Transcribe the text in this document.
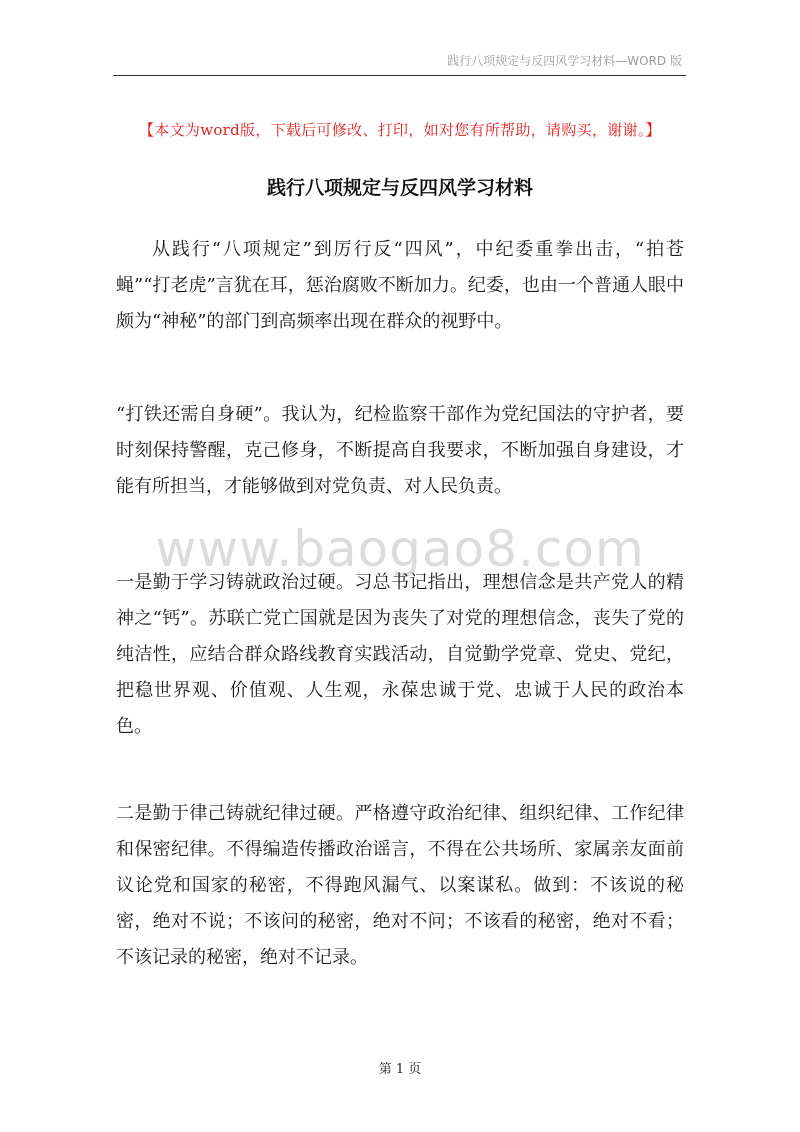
践行八项规定与反四风学习材料—WORD 版
【本文为word版，下载后可修改、打印，如对您有所帮助，请购买，谢谢。】
践行八项规定与反四风学习材料

从践行“八项规定”到厉行反“四风”，中纪委重拳出击，“拍苍蝇”“打老虎”言犹在耳，惩治腐败不断加力。纪委，也由一个普通人眼中颇为“神秘”的部门到高频率出现在群众的视野中。

“打铁还需自身硬”。我认为，纪检监察干部作为党纪国法的守护者，要时刻保持警醒，克己修身，不断提高自我要求，不断加强自身建设，才能有所担当，才能够做到对党负责、对人民负责。

www.baogao8.com

一是勤于学习铸就政治过硬。习总书记指出，理想信念是共产党人的精神之“钙”。苏联亡党亡国就是因为丧失了对党的理想信念，丧失了党的纯洁性，应结合群众路线教育实践活动，自觉勤学党章、党史、党纪，把稳世界观、价值观、人生观，永葆忠诚于党、忠诚于人民的政治本色。

二是勤于律己铸就纪律过硬。严格遵守政治纪律、组织纪律、工作纪律和保密纪律。不得编造传播政治谣言，不得在公共场所、家属亲友面前议论党和国家的秘密，不得跑风漏气、以案谋私。做到：不该说的秘密，绝对不说；不该问的秘密，绝对不问；不该看的秘密，绝对不看；不该记录的秘密，绝对不记录。

第 1 页
